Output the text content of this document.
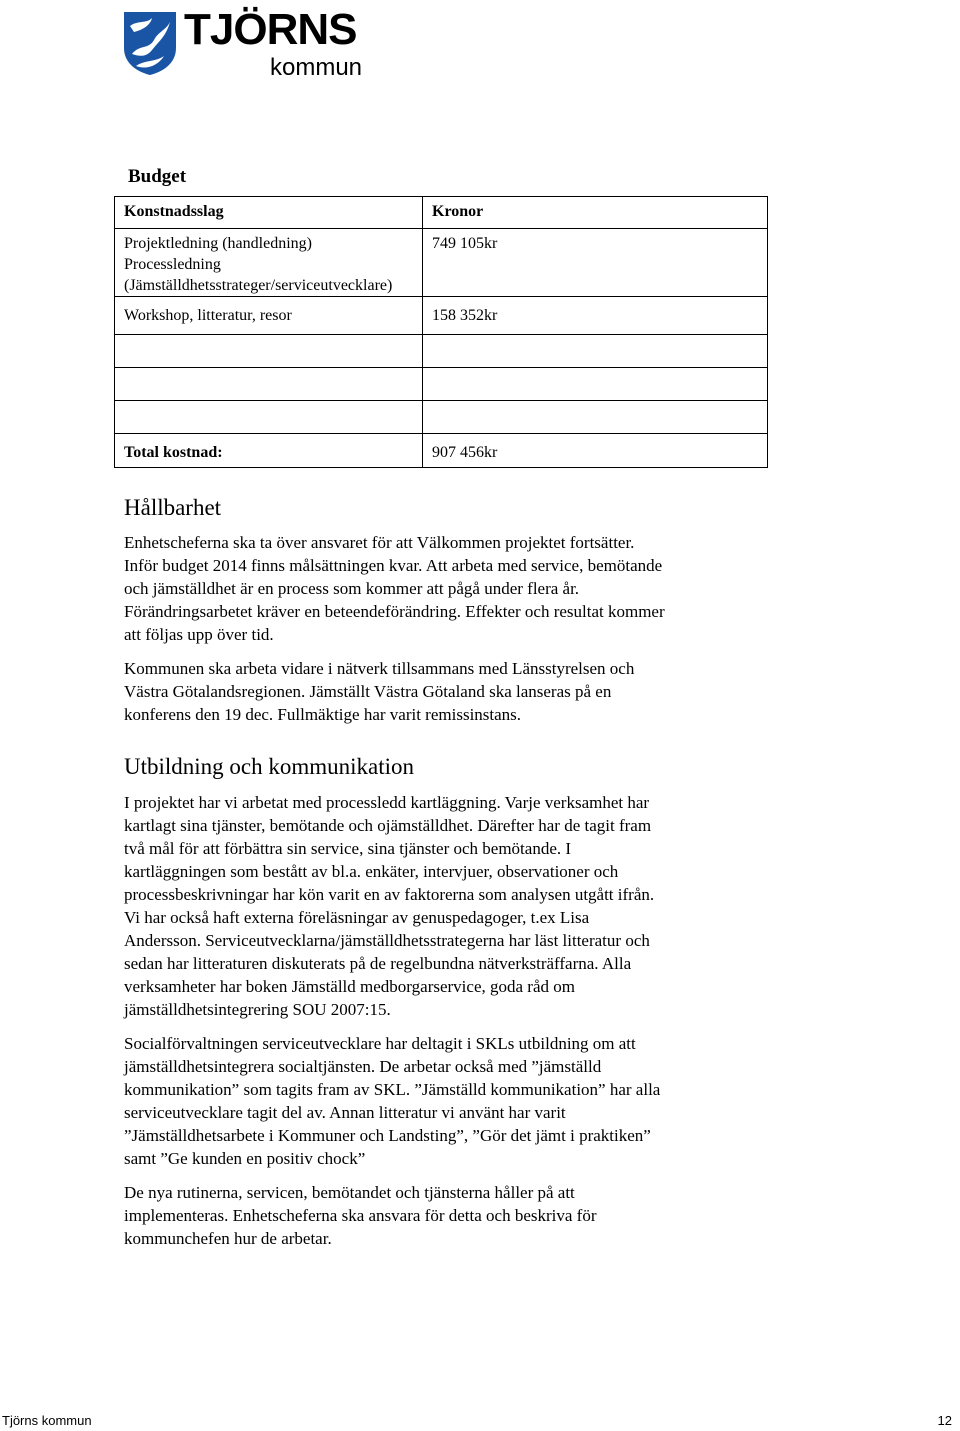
TJÖRNS
kommun
Budget
Konstnadsslag	Kronor

Projektledning (handledning)
Processledning
(Jämställdhetsstrateger/serviceutvecklare)	749 105kr
Workshop, litteratur, resor	158 352kr

Total kostnad:	907 456kr
Hållbarhet

Enhetscheferna ska ta över ansvaret för att Välkommen projektet fortsätter.
Inför budget 2014 finns målsättningen kvar. Att arbeta med service, bemötande
och jämställdhet är en process som kommer att pågå under flera år.
Förändringsarbetet kräver en beteendeförändring. Effekter och resultat kommer
att följas upp över tid.

Kommunen ska arbeta vidare i nätverk tillsammans med Länsstyrelsen och
Västra Götalandsregionen. Jämställt Västra Götaland ska lanseras på en
konferens den 19 dec. Fullmäktige har varit remissinstans.

Utbildning och kommunikation

I projektet har vi arbetat med processledd kartläggning. Varje verksamhet har
kartlagt sina tjänster, bemötande och ojämställdhet. Därefter har de tagit fram
två mål för att förbättra sin service, sina tjänster och bemötande. I
kartläggningen som bestått av bl.a. enkäter, intervjuer, observationer och
processbeskrivningar har kön varit en av faktorerna som analysen utgått ifrån.
Vi har också haft externa föreläsningar av genuspedagoger, t.ex Lisa
Andersson. Serviceutvecklarna/jämställdhetsstrategerna har läst litteratur och
sedan har litteraturen diskuterats på de regelbundna nätverksträffarna. Alla
verksamheter har boken Jämställd medborgarservice, goda råd om
jämställdhetsintegrering SOU 2007:15.

Socialförvaltningen serviceutvecklare har deltagit i SKLs utbildning om att
jämställdhetsintegrera socialtjänsten. De arbetar också med ”jämställd
kommunikation” som tagits fram av SKL. ”Jämställd kommunikation” har alla
serviceutvecklare tagit del av. Annan litteratur vi använt har varit
”Jämställdhetsarbete i Kommuner och Landsting”, ”Gör det jämt i praktiken”
samt ”Ge kunden en positiv chock”

De nya rutinerna, servicen, bemötandet och tjänsterna håller på att
implementeras. Enhetscheferna ska ansvara för detta och beskriva för
kommunchefen hur de arbetar.

Tjörns kommun	12
